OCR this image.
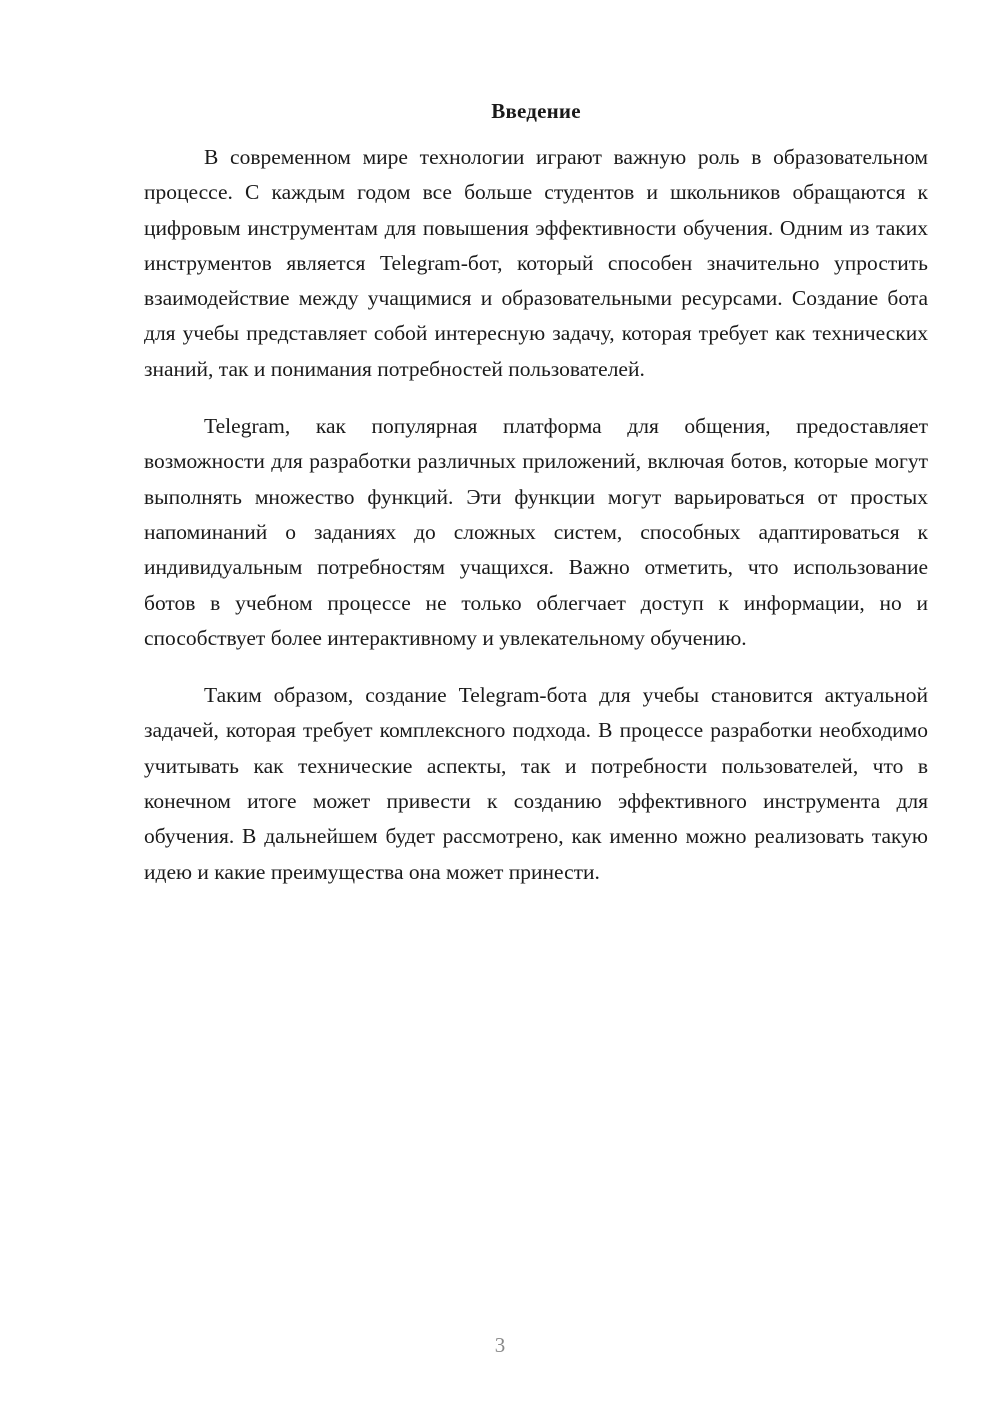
Введение

В современном мире технологии играют важную роль в образовательном процессе. С каждым годом все больше студентов и школьников обращаются к цифровым инструментам для повышения эффективности обучения. Одним из таких инструментов является Telegram-бот, который способен значительно упростить взаимодействие между учащимися и образовательными ресурсами. Создание бота для учебы представляет собой интересную задачу, которая требует как технических знаний, так и понимания потребностей пользователей.

Telegram, как популярная платформа для общения, предоставляет возможности для разработки различных приложений, включая ботов, которые могут выполнять множество функций. Эти функции могут варьироваться от простых напоминаний о заданиях до сложных систем, способных адаптироваться к индивидуальным потребностям учащихся. Важно отметить, что использование ботов в учебном процессе не только облегчает доступ к информации, но и способствует более интерактивному и увлекательному обучению.

Таким образом, создание Telegram-бота для учебы становится актуальной задачей, которая требует комплексного подхода. В процессе разработки необходимо учитывать как технические аспекты, так и потребности пользователей, что в конечном итоге может привести к созданию эффективного инструмента для обучения. В дальнейшем будет рассмотрено, как именно можно реализовать такую идею и какие преимущества она может принести.

3
